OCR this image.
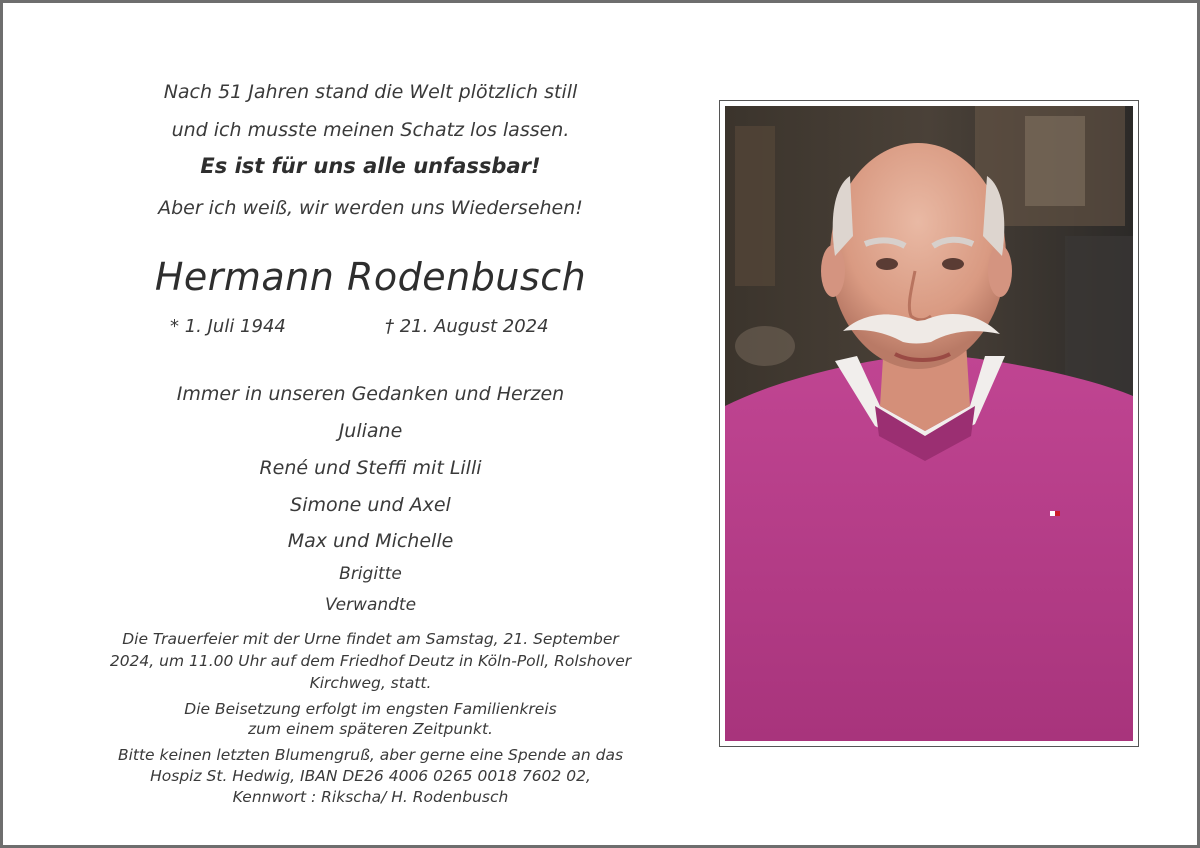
Nach 51 Jahren stand die Welt plötzlich still
und ich musste meinen Schatz los lassen.
Es ist für uns alle unfassbar!
Aber ich weiß, wir werden uns Wiedersehen!
Hermann Rodenbusch
* 1. Juli 1944	† 21. August 2024
Immer in unseren Gedanken und Herzen
Juliane
René und Steffi mit Lilli
Simone und Axel
Max und Michelle
Brigitte
Verwandte
Die Trauerfeier mit der Urne findet am Samstag, 21. September
2024, um 11.00 Uhr auf dem Friedhof Deutz in Köln-Poll, Rolshover
Kirchweg, statt.
Die Beisetzung erfolgt im engsten Familienkreis
zum einem späteren Zeitpunkt.
Bitte keinen letzten Blumengruß, aber gerne eine Spende an das
Hospiz St. Hedwig, IBAN DE26 4006 0265 0018 7602 02,
Kennwort : Rikscha/ H. Rodenbusch
